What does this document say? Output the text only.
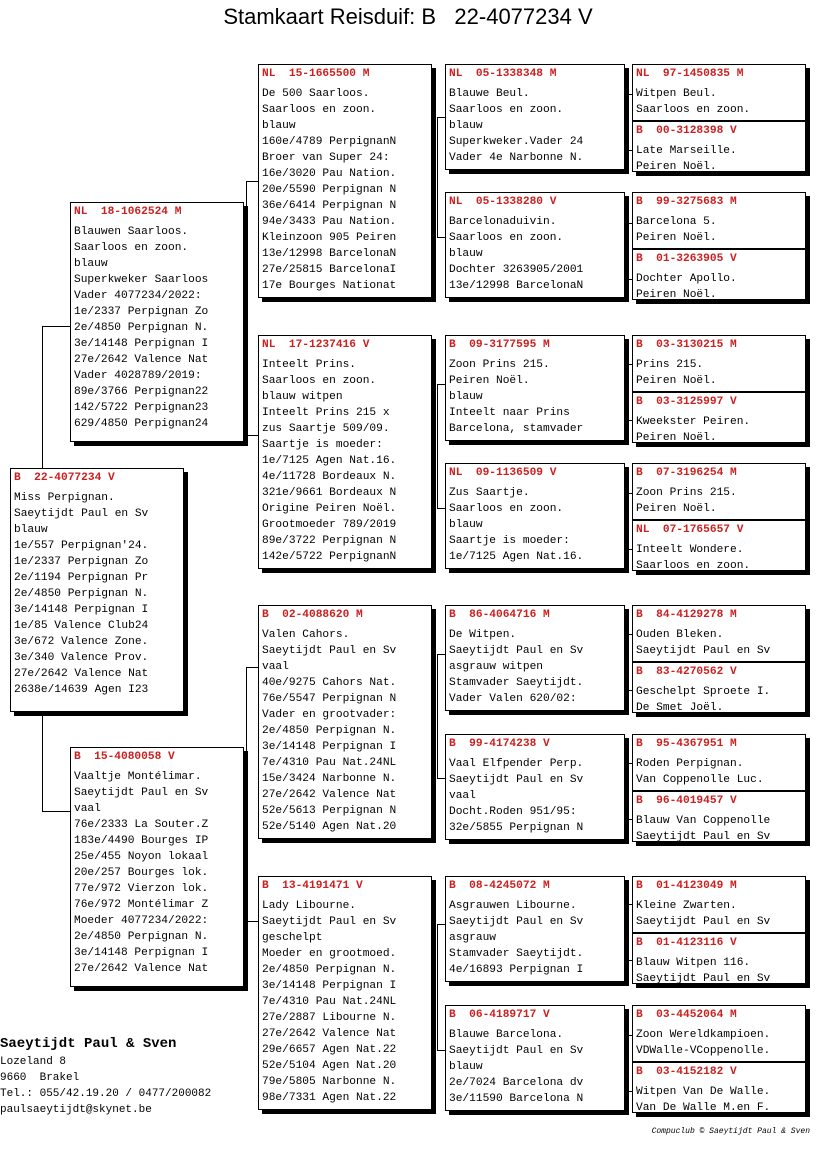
Stamkaart Reisduif: B   22-4077234 V
B  22-4077234 V
Miss Perpignan.
Saeytijdt Paul en Sv
blauw
1e/557 Perpignan'24.
1e/2337 Perpignan Zo
2e/1194 Perpignan Pr
2e/4850 Perpignan N.
3e/14148 Perpignan I
1e/85 Valence Club24
3e/672 Valence Zone.
3e/340 Valence Prov.
27e/2642 Valence Nat
2638e/14639 Agen I23
NL  18-1062524 M
Blauwen Saarloos.
Saarloos en zoon.
blauw
Superkweker Saarloos
Vader 4077234/2022:
1e/2337 Perpignan Zo
2e/4850 Perpignan N.
3e/14148 Perpignan I
27e/2642 Valence Nat
Vader 4028789/2019:
89e/3766 Perpignan22
142/5722 Perpignan23
629/4850 Perpignan24
B  15-4080058 V
Vaaltje Montélimar.
Saeytijdt Paul en Sv
vaal
76e/2333 La Souter.Z
183e/4490 Bourges IP
25e/455 Noyon lokaal
20e/257 Bourges lok.
77e/972 Vierzon lok.
76e/972 Montélimar Z
Moeder 4077234/2022:
2e/4850 Perpignan N.
3e/14148 Perpignan I
27e/2642 Valence Nat
NL  15-1665500 M
De 500 Saarloos.
Saarloos en zoon.
blauw
160e/4789 PerpignanN
Broer van Super 24:
16e/3020 Pau Nation.
20e/5590 Perpignan N
36e/6414 Perpignan N
94e/3433 Pau Nation.
Kleinzoon 905 Peiren
13e/12998 BarcelonaN
27e/25815 BarcelonaI
17e Bourges Nationat
NL  17-1237416 V
Inteelt Prins.
Saarloos en zoon.
blauw witpen
Inteelt Prins 215 x
zus Saartje 509/09.
Saartje is moeder:
1e/7125 Agen Nat.16.
4e/11728 Bordeaux N.
321e/9661 Bordeaux N
Origine Peiren Noël.
Grootmoeder 789/2019
89e/3722 Perpignan N
142e/5722 PerpignanN
B  02-4088620 M
Valen Cahors.
Saeytijdt Paul en Sv
vaal
40e/9275 Cahors Nat.
76e/5547 Perpignan N
Vader en grootvader:
2e/4850 Perpignan N.
3e/14148 Perpignan I
7e/4310 Pau Nat.24NL
15e/3424 Narbonne N.
27e/2642 Valence Nat
52e/5613 Perpignan N
52e/5140 Agen Nat.20
B  13-4191471 V
Lady Libourne.
Saeytijdt Paul en Sv
geschelpt
Moeder en grootmoed.
2e/4850 Perpignan N.
3e/14148 Perpignan I
7e/4310 Pau Nat.24NL
27e/2887 Libourne N.
27e/2642 Valence Nat
29e/6657 Agen Nat.22
52e/5104 Agen Nat.20
79e/5805 Narbonne N.
98e/7331 Agen Nat.22
NL  05-1338348 M
Blauwe Beul.
Saarloos en zoon.
blauw
Superkweker.Vader 24
Vader 4e Narbonne N.
NL  05-1338280 V
Barcelonaduivin.
Saarloos en zoon.
blauw
Dochter 3263905/2001
13e/12998 BarcelonaN
B  09-3177595 M
Zoon Prins 215.
Peiren Noël.
blauw
Inteelt naar Prins
Barcelona, stamvader
NL  09-1136509 V
Zus Saartje.
Saarloos en zoon.
blauw
Saartje is moeder:
1e/7125 Agen Nat.16.
B  86-4064716 M
De Witpen.
Saeytijdt Paul en Sv
asgrauw witpen
Stamvader Saeytijdt.
Vader Valen 620/02:
B  99-4174238 V
Vaal Elfpender Perp.
Saeytijdt Paul en Sv
vaal
Docht.Roden 951/95:
32e/5855 Perpignan N
B  08-4245072 M
Asgrauwen Libourne.
Saeytijdt Paul en Sv
asgrauw
Stamvader Saeytijdt.
4e/16893 Perpignan I
B  06-4189717 V
Blauwe Barcelona.
Saeytijdt Paul en Sv
blauw
2e/7024 Barcelona dv
3e/11590 Barcelona N
NL  97-1450835 M
Witpen Beul.
Saarloos en zoon.
B  00-3128398 V
Late Marseille.
Peiren Noël.
B  99-3275683 M
Barcelona 5.
Peiren Noël.
B  01-3263905 V
Dochter Apollo.
Peiren Noël.
B  03-3130215 M
Prins 215.
Peiren Noël.
B  03-3125997 V
Kweekster Peiren.
Peiren Noël.
B  07-3196254 M
Zoon Prins 215.
Peiren Noël.
NL  07-1765657 V
Inteelt Wondere.
Saarloos en zoon.
B  84-4129278 M
Ouden Bleken.
Saeytijdt Paul en Sv
B  83-4270562 V
Geschelpt Sproete I.
De Smet Joël.
B  95-4367951 M
Roden Perpignan.
Van Coppenolle Luc.
B  96-4019457 V
Blauw Van Coppenolle
Saeytijdt Paul en Sv
B  01-4123049 M
Kleine Zwarten.
Saeytijdt Paul en Sv
B  01-4123116 V
Blauw Witpen 116.
Saeytijdt Paul en Sv
B  03-4452064 M
Zoon Wereldkampioen.
VDWalle-VCoppenolle.
B  03-4152182 V
Witpen Van De Walle.
Van De Walle M.en F.
Saeytijdt Paul & Sven
Lozeland 8
9660  Brakel
Tel.: 055/42.19.20 / 0477/200082
paulsaeytijdt@skynet.be
Compuclub © Saeytijdt Paul & Sven
